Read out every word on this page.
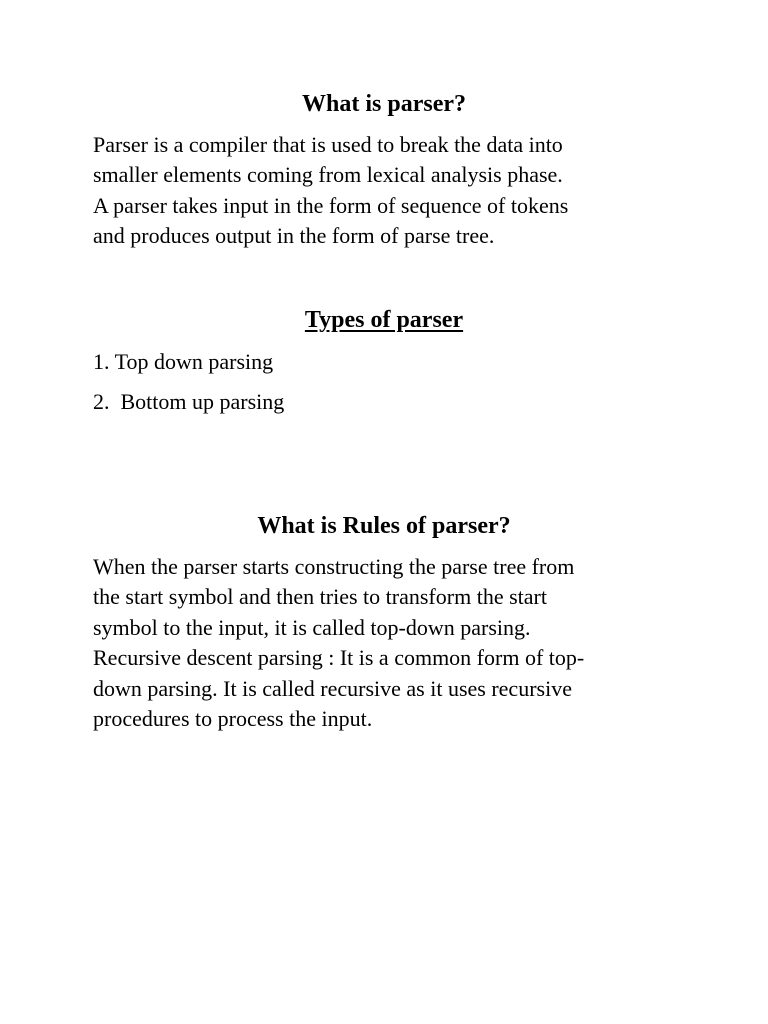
What is parser?

Parser is a compiler that is used to break the data into
smaller elements coming from lexical analysis phase.
A parser takes input in the form of sequence of tokens
and produces output in the form of parse tree.

Types of parser

1. Top down parsing

2.  Bottom up parsing

What is Rules of parser?

When the parser starts constructing the parse tree from
the start symbol and then tries to transform the start
symbol to the input, it is called top-down parsing.
Recursive descent parsing : It is a common form of top-
down parsing. It is called recursive as it uses recursive
procedures to process the input.
